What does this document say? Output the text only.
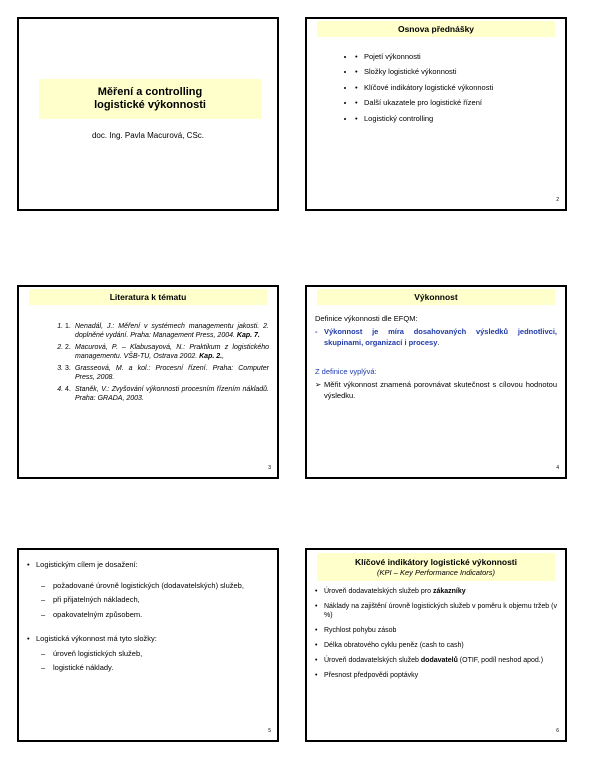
Měření a controlling
logistické výkonnosti
doc. Ing. Pavla Macurová, CSc.
Osnova přednášky
• • Pojetí výkonnosti
• • Složky logistické výkonnosti
• • Klíčové indikátory logistické výkonnosti
• • Další ukazatele pro logistické řízení
• • Logistický controlling
2
Literatura k tématu
1. 1. Nenadál, J.: Měření v systémech managementu jakosti. 2. doplněné vydání. Praha: Management Press, 2004. Kap. 7.
2. 2. Macurová, P. – Klabusayová, N.: Praktikum z logistického managementu. VŠB-TU, Ostrava 2002. Kap. 2.,
3. 3. Grasseová, M. a kol.: Procesní řízení. Praha: Computer Press, 2008.
4. 4. Staněk, V.: Zvyšování výkonnosti procesním řízením nákladů. Praha: GRADA, 2003.
3
Výkonnost
Definice výkonnosti dle EFQM:
- Výkonnost je míra dosahovaných výsledků jednotlivci, skupinami, organizací i procesy.
Z definice vyplývá:
➢ Měřit výkonnost znamená porovnávat skutečnost s cílovou hodnotou výsledku.
4
• Logistickým cílem je dosažení:
– požadované úrovně logistických (dodavatelských) služeb,
– při přijatelných nákladech,
– opakovatelným způsobem.
• Logistická výkonnost má tyto složky:
– úroveň logistických služeb,
– logistické náklady.
5
Klíčové indikátory logistické výkonnosti
(KPI – Key Performance Indicators)
• Úroveň dodavatelských služeb pro zákazníky
• Náklady na zajištění úrovně logistických služeb v poměru k objemu tržeb (v %)
• Rychlost pohybu zásob
• Délka obratového cyklu peněz (cash to cash)
• Úroveň dodavatelských služeb dodavatelů (OTIF, podíl neshod apod.)
• Přesnost předpovědi poptávky
6
